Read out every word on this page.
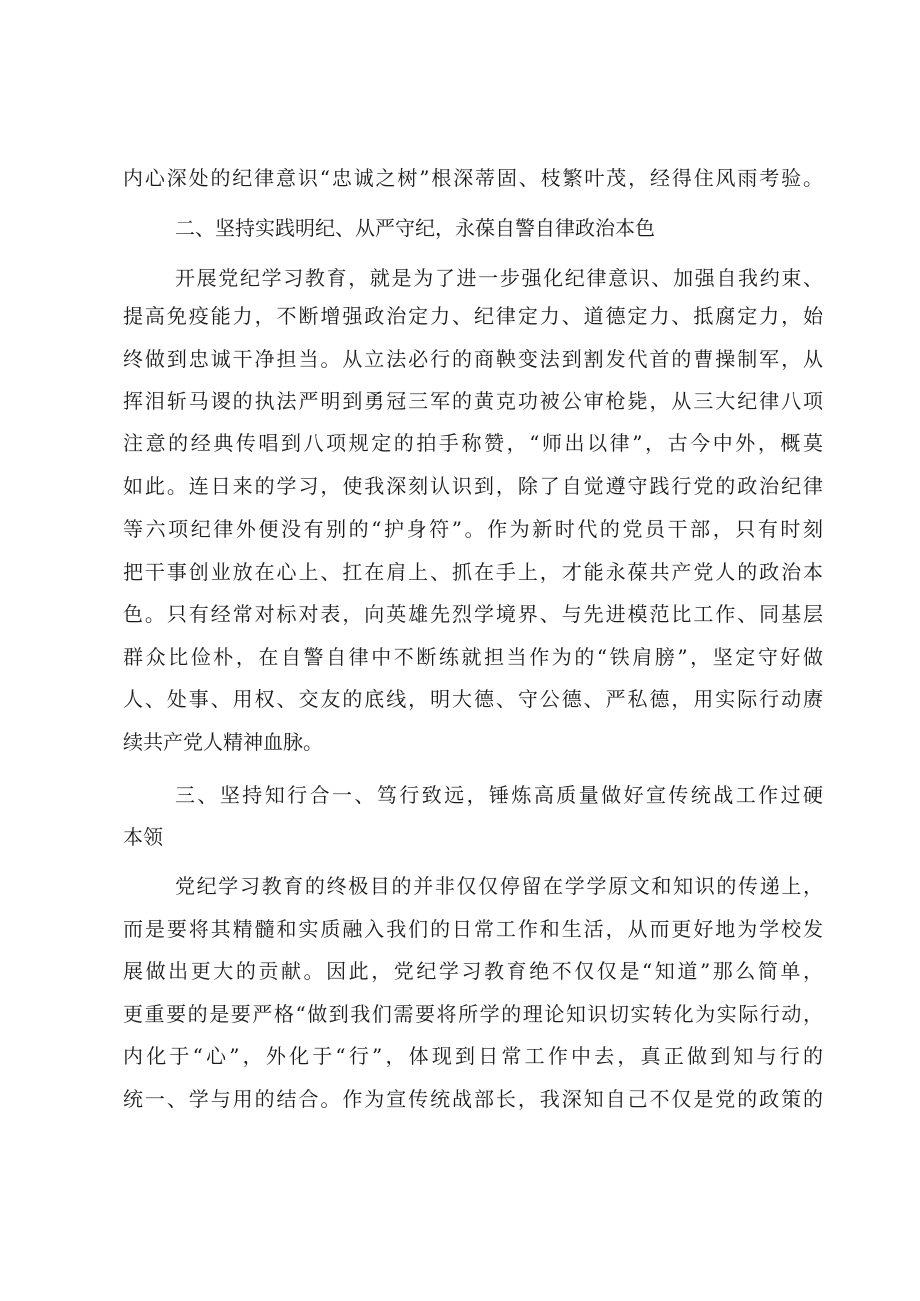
内心深处的纪律意识“忠诚之树”根深蒂固、枝繁叶茂，经得住风雨考验。
二、坚持实践明纪、从严守纪，永葆自警自律政治本色
开展党纪学习教育，就是为了进一步强化纪律意识、加强自我约束、
提高免疫能力，不断增强政治定力、纪律定力、道德定力、抵腐定力，始
终做到忠诚干净担当。从立法必行的商鞅变法到割发代首的曹操制军，从
挥泪斩马谡的执法严明到勇冠三军的黄克功被公审枪毙，从三大纪律八项
注意的经典传唱到八项规定的拍手称赞，“师出以律”，古今中外，概莫
如此。连日来的学习，使我深刻认识到，除了自觉遵守践行党的政治纪律
等六项纪律外便没有别的“护身符”。作为新时代的党员干部，只有时刻
把干事创业放在心上、扛在肩上、抓在手上，才能永葆共产党人的政治本
色。只有经常对标对表，向英雄先烈学境界、与先进模范比工作、同基层
群众比俭朴，在自警自律中不断练就担当作为的“铁肩膀”，坚定守好做
人、处事、用权、交友的底线，明大德、守公德、严私德，用实际行动赓
续共产党人精神血脉。
三、坚持知行合一、笃行致远，锤炼高质量做好宣传统战工作过硬
本领
党纪学习教育的终极目的并非仅仅停留在学学原文和知识的传递上，
而是要将其精髓和实质融入我们的日常工作和生活，从而更好地为学校发
展做出更大的贡献。因此，党纪学习教育绝不仅仅是“知道”那么简单，
更重要的是要严格“做到我们需要将所学的理论知识切实转化为实际行动，
内化于“心”，外化于“行”，体现到日常工作中去，真正做到知与行的
统一、学与用的结合。作为宣传统战部长，我深知自己不仅是党的政策的
